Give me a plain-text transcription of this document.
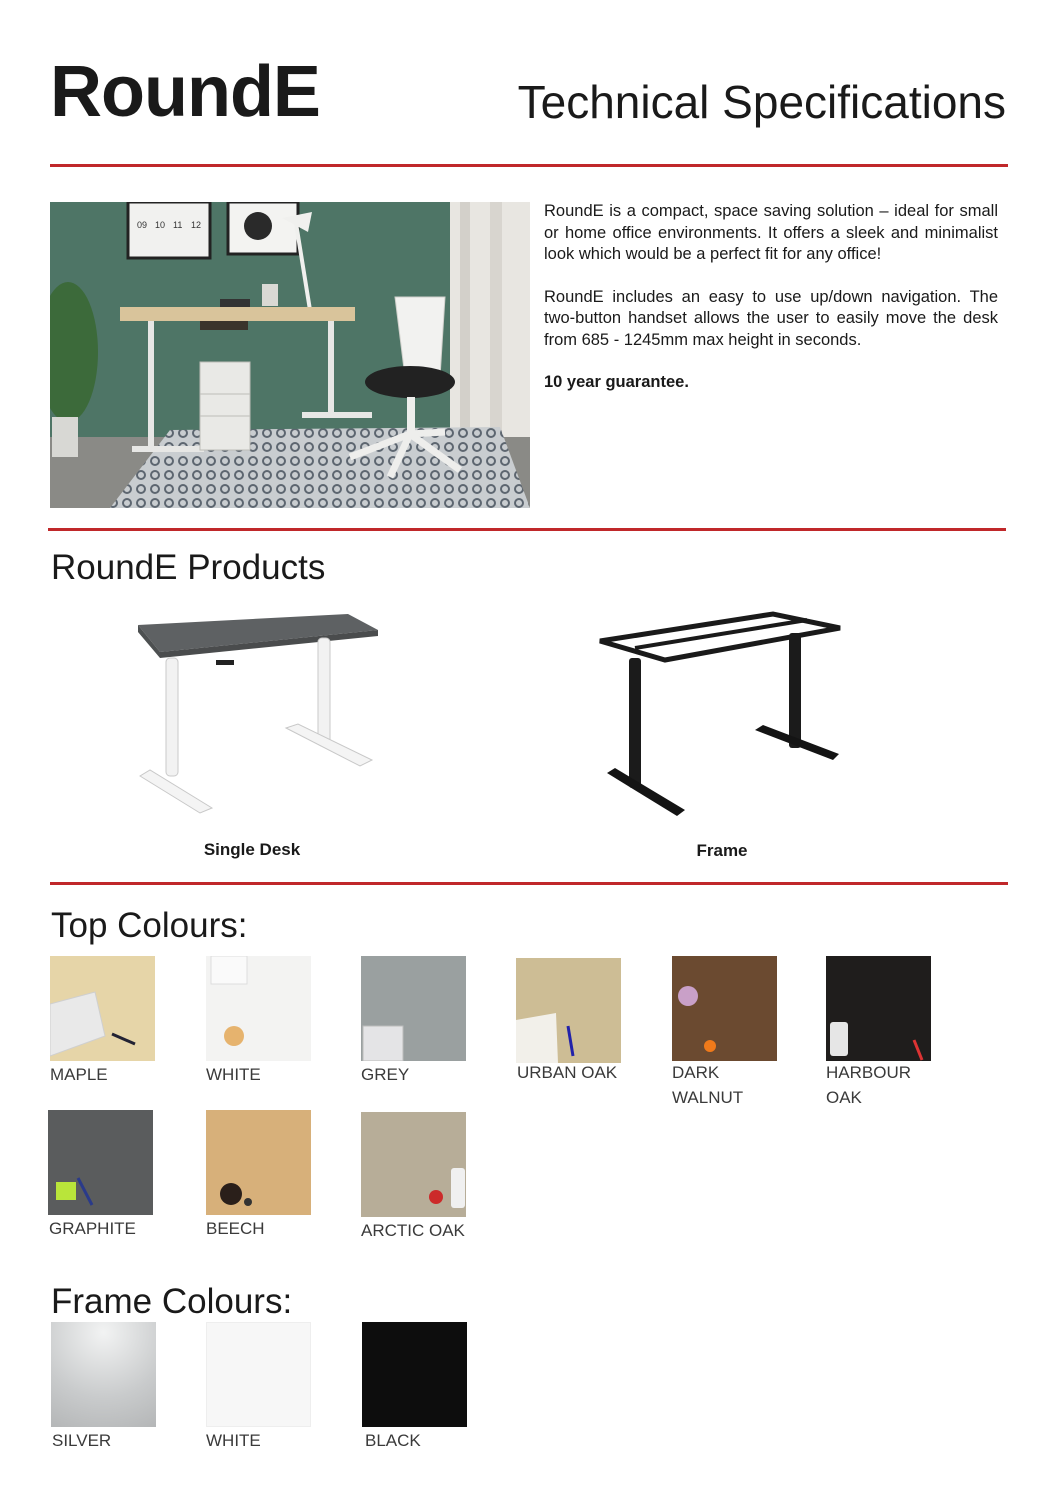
RoundE	Technical Specifications
09 10 11 12

RoundE is a compact, space saving solution – ideal for small or home office environments. It offers a sleek and minimalist look which would be a perfect fit for any office!

RoundE includes an easy to use up/down navigation. The two-button handset allows the user to easily move the desk from 685 - 1245mm max height in seconds.

10 year guarantee.

RoundE Products
Single Desk	Frame
Top Colours:
MAPLE	WHITE	GREY	URBAN OAK	DARK WALNUT
HARBOUR OAK
GRAPHITE	BEECH	ARCTIC OAK
Frame Colours:
SILVER	WHITE	BLACK
